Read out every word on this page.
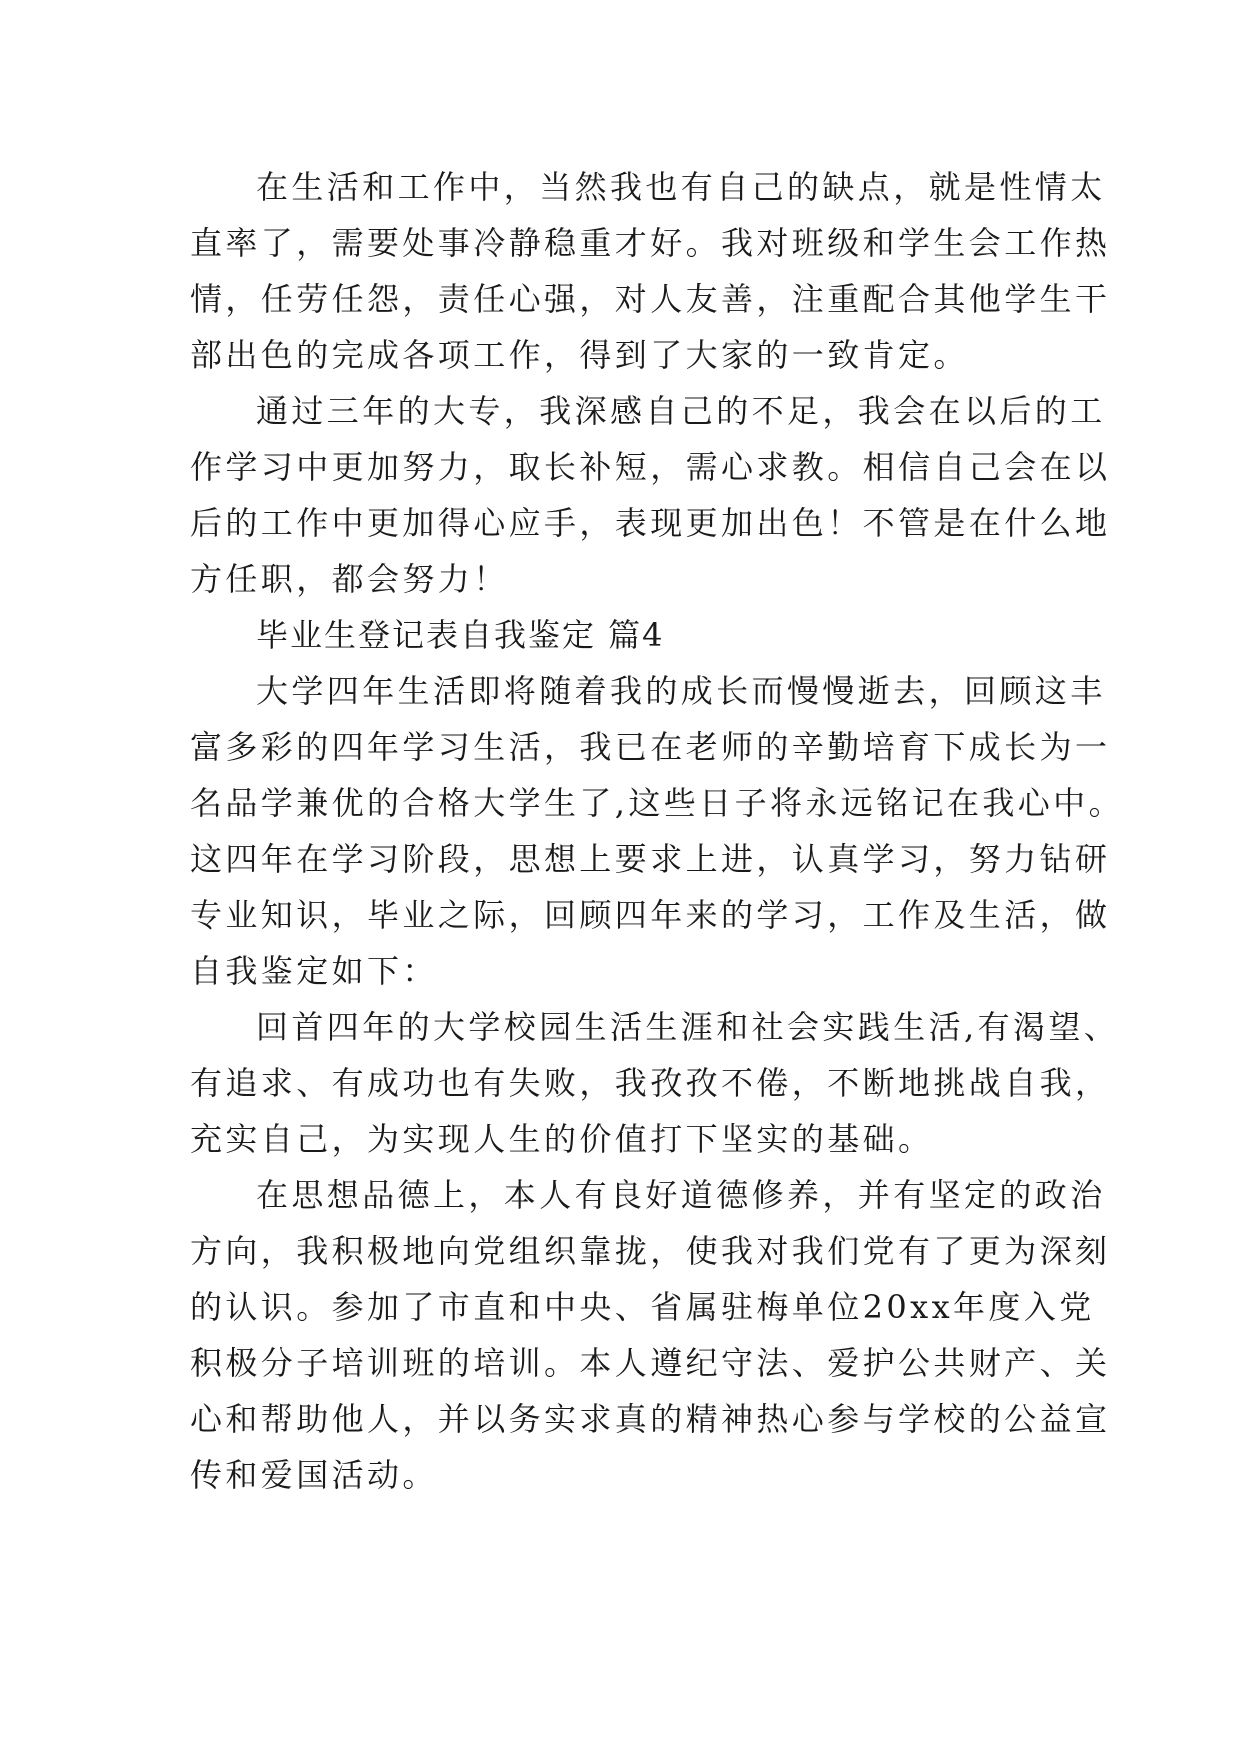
在生活和工作中，当然我也有自己的缺点，就是性情太
直率了，需要处事冷静稳重才好。我对班级和学生会工作热
情，任劳任怨，责任心强，对人友善，注重配合其他学生干
部出色的完成各项工作，得到了大家的一致肯定。
通过三年的大专，我深感自己的不足，我会在以后的工
作学习中更加努力，取长补短，需心求教。相信自己会在以
后的工作中更加得心应手，表现更加出色！不管是在什么地
方任职，都会努力！
毕业生登记表自我鉴定 篇4
大学四年生活即将随着我的成长而慢慢逝去，回顾这丰
富多彩的四年学习生活，我已在老师的辛勤培育下成长为一
名品学兼优的合格大学生了,这些日子将永远铭记在我心中。
这四年在学习阶段，思想上要求上进，认真学习，努力钻研
专业知识，毕业之际，回顾四年来的学习，工作及生活，做
自我鉴定如下：
回首四年的大学校园生活生涯和社会实践生活,有渴望、
有追求、有成功也有失败，我孜孜不倦，不断地挑战自我，
充实自己，为实现人生的价值打下坚实的基础。
在思想品德上，本人有良好道德修养，并有坚定的政治
方向，我积极地向党组织靠拢，使我对我们党有了更为深刻
的认识。参加了市直和中央、省属驻梅单位20xx年度入党
积极分子培训班的培训。本人遵纪守法、爱护公共财产、关
心和帮助他人，并以务实求真的精神热心参与学校的公益宣
传和爱国活动。
